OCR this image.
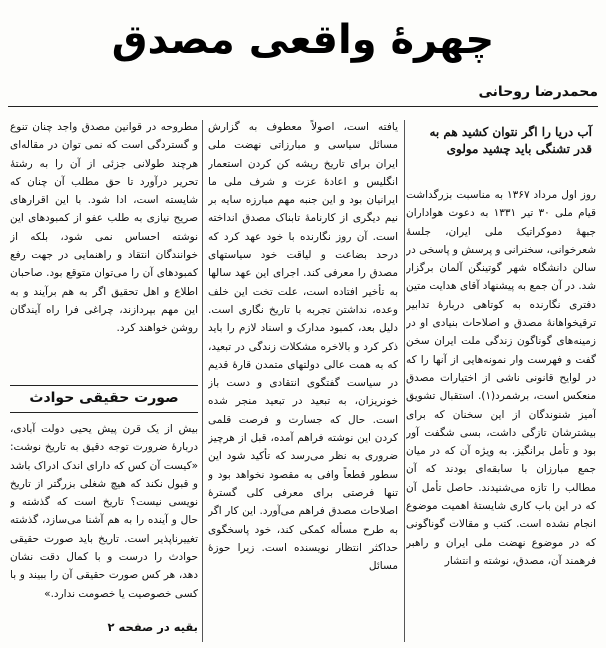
چهرهٔ واقعی مصدق
محمدرضا روحانی
آب دریا را اگر نتوان کشید هم به قدر تشنگی باید چشید مولوی

روز اول مرداد ۱۳۶۷ به مناسبت بزرگداشت قیام ملی ۳۰ تیر ۱۳۳۱ به دعوت هواداران جبههٔ دموکراتیک ملی ایران، جلسهٔ شعرخوانی، سخنرانی و پرسش و پاسخی در سالن دانشگاه شهر گوتینگن آلمان برگزار شد. در آن جمع به پیشنهاد آقای هدایت متین دفتری نگارنده به کوتاهی دربارهٔ تدابیر ترقیخواهانهٔ مصدق و اصلاحات بنیادی او در زمینه‌های گوناگون زندگی ملت ایران سخن گفت و فهرست وار نمونه‌هایی از آنها را که در لوایح قانونی ناشی از اختیارات مصدق منعکس است، برشمرد(۱). استقبال تشویق آمیز شنوندگان از این سخنان که برای بیشترشان تازگی داشت، بسی شگفت آور بود و تأمل برانگیز. به ویژه آن که در میان جمع مبارزان با سابقه‌ای بودند که آن مطالب را تازه می‌شنیدند. حاصل تأمل آن که در این باب کاری شایستهٔ اهمیت موضوع انجام نشده است. کتب و مقالات گوناگونی که در موضوع نهضت ملی ایران و راهبر فرهمند آن، مصدق، نوشته و انتشار

یافته است، اصولاً معطوف به گزارش مسائل سیاسی و مبارزاتی نهضت ملی ایران برای تاریخ ریشه کن کردن استعمار انگلیس و اعادهٔ عزت و شرف ملی ما ایرانیان بود و این جنبه مهم مبارزه سایه بر نیم دیگری از کارنامهٔ تابناک مصدق انداخته است. آن روز نگارنده با خود عهد کرد که درحد بضاعت و لیاقت خود سیاستهای مصدق را معرفی کند. اجرای این عهد سالها به تأخیر افتاده است، علت تخت این خلف وعده، نداشتن تجربه با تاریخ نگاری است. دلیل بعد، کمبود مدارک و اسناد لازم را باید ذکر کرد و بالاخره مشکلات زندگی در تبعید، که به همت عالی دولتهای متمدن قارهٔ قدیم در سیاست گفتگوی انتقادی و دست باز خونریزان، به تبعید در تبعید منجر شده است. حال که جسارت و فرصت قلمی کردن این نوشته فراهم آمده، قبل از هرچیز ضروری به نظر می‌رسد که تأکید شود این سطور قطعاً وافی به مقصود نخواهد بود و تنها فرصتی برای معرفی کلی گسترهٔ اصلاحات مصدق فراهم می‌آورد. این کار اگر به طرح مسأله کمکی کند، خود پاسخگوی حداکثر انتظار نویسنده است. زیرا حوزهٔ مسائل

مطروحه در قوانین مصدق واجد چنان تنوع و گستردگی است که نمی توان در مقاله‌ای هرچند طولانی جزئی از آن را به رشتهٔ تحریر درآورد تا حق مطلب آن چنان که شایسته است، ادا شود. با این اقرارهای صریح نیازی به طلب عفو از کمبودهای این نوشته احساس نمی شود، بلکه از خوانندگان انتقاد و راهنمایی در جهت رفع کمبودهای آن را می‌توان متوقع بود. صاحبان اطلاع و اهل تحقیق اگر به هم برآیند و به این مهم بپردازند، چراغی فرا راه آیندگان روشن خواهند کرد.

صورت حقیقی حوادث

بیش از یک قرن پیش یحیی دولت آبادی، دربارهٔ ضرورت توجه دقیق به تاریخ نوشت: «کیست آن کس که دارای اندک ادراک باشد و قبول نکند که هیچ شغلی بزرگتر از تاریخ نویسی نیست؟ تاریخ است که گذشته و حال و آینده را به هم آشنا می‌سازد، گذشته تغییرناپذیر است. تاریخ باید صورت حقیقی حوادث را درست و با کمال دقت نشان دهد، هر کس صورت حقیقی آن را ببیند و با کسی خصوصیت یا خصومت ندارد.»

بقیه در صفحه ۲
